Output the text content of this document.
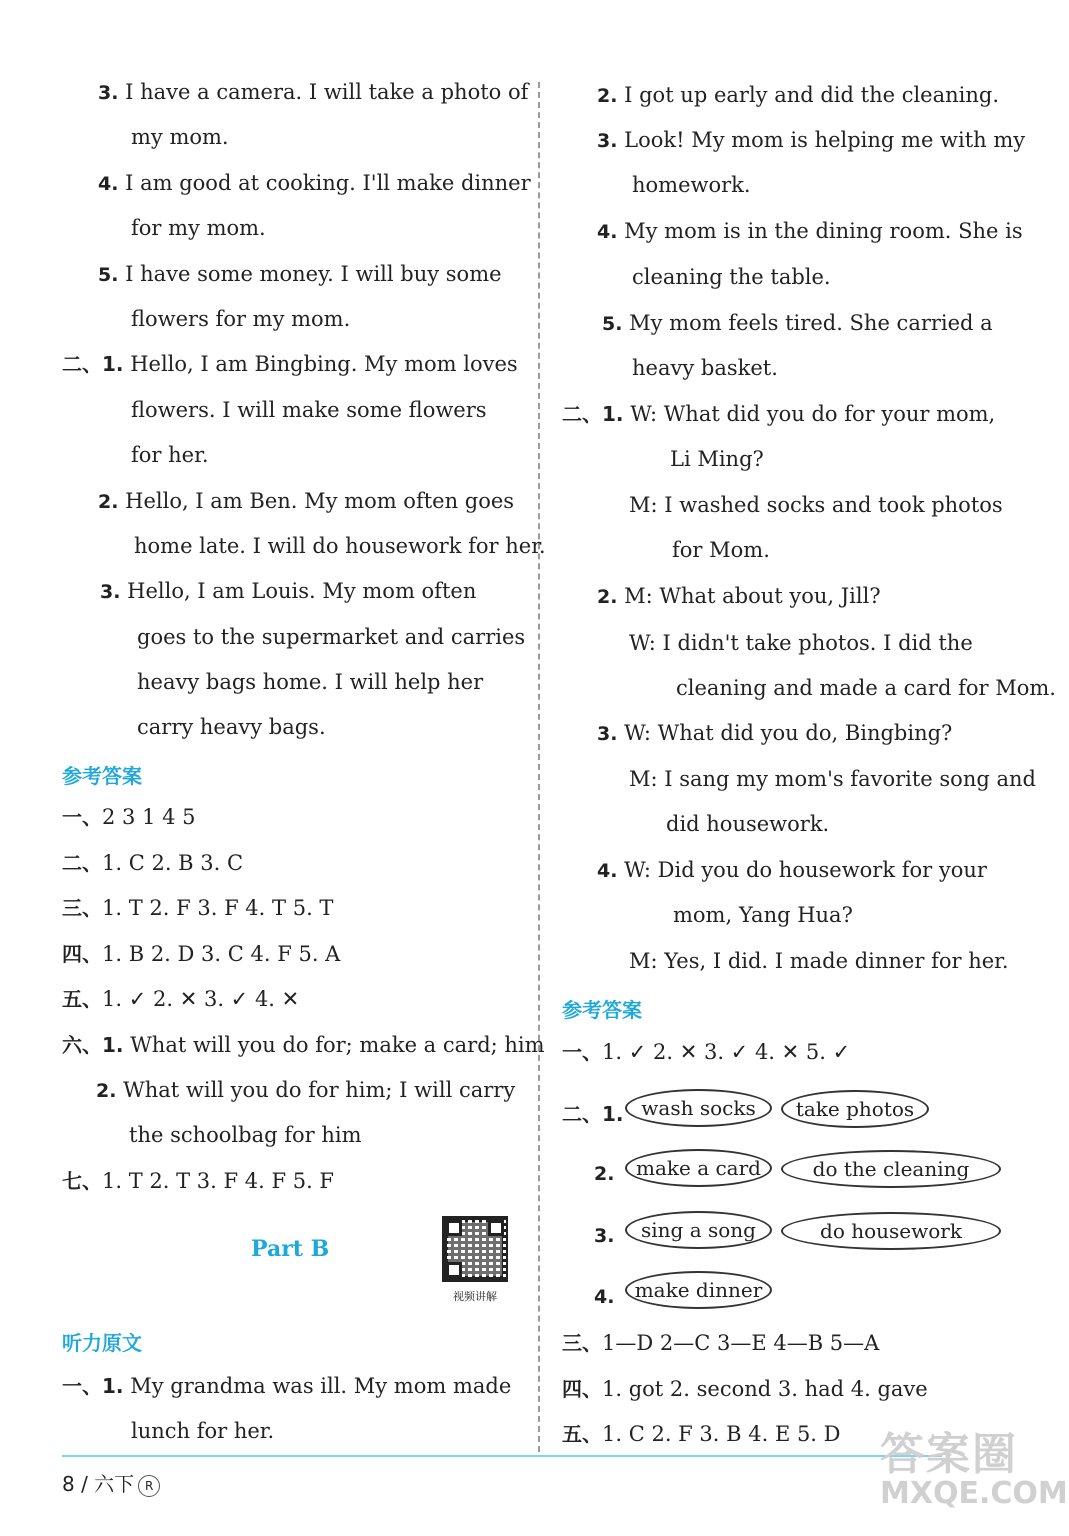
3. I have a camera. I will take a photo of
my mom.
4. I am good at cooking. I'll make dinner
for my mom.
5. I have some money. I will buy some
flowers for my mom.
二、1. Hello, I am Bingbing. My mom loves
flowers. I will make some flowers
for her.
2. Hello, I am Ben. My mom often goes
home late. I will do housework for her.
3. Hello, I am Louis. My mom often
goes to the supermarket and carries
heavy bags home. I will help her
carry heavy bags.
参考答案
一、2 3 1 4 5
二、1. C 2. B 3. C
三、1. T 2. F 3. F 4. T 5. T
四、1. B 2. D 3. C 4. F 5. A
五、1. ✓ 2. ✕ 3. ✓ 4. ✕
六、1. What will you do for; make a card; him
2. What will you do for him; I will carry
the schoolbag for him
七、1. T 2. T 3. F 4. F 5. F
Part B
视频讲解
听力原文
一、1. My grandma was ill. My mom made
lunch for her.
2. I got up early and did the cleaning.
3. Look! My mom is helping me with my
homework.
4. My mom is in the dining room. She is
cleaning the table.
5. My mom feels tired. She carried a
heavy basket.
二、1. W: What did you do for your mom,
Li Ming?
M: I washed socks and took photos
for Mom.
2. M: What about you, Jill?
W: I didn't take photos. I did the
cleaning and made a card for Mom.
3. W: What did you do, Bingbing?
M: I sang my mom's favorite song and
did housework.
4. W: Did you do housework for your
mom, Yang Hua?
M: Yes, I did. I made dinner for her.
参考答案
一、1. ✓ 2. ✕ 3. ✓ 4. ✕ 5. ✓
二、1. wash socks	take photos
2.	make a card	do the cleaning
3.	sing a song	do housework
4.	make dinner
三、1—D 2—C 3—E 4—B 5—A
四、1. got 2. second 3. had 4. gave
五、1. C 2. F 3. B 4. E 5. D
8 / 六下 R
答案圈
MXQE.COM
